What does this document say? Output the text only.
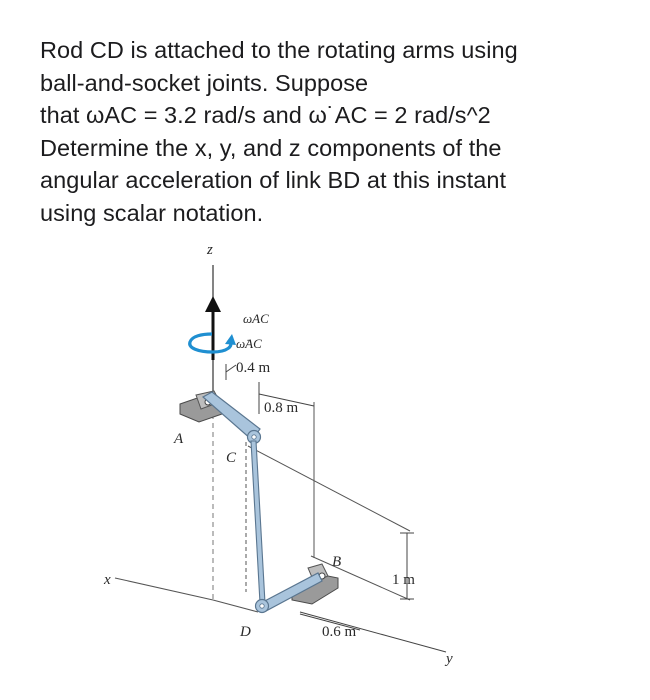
Rod CD is attached to the rotating arms using
ball-and-socket joints. Suppose
that ωAC = 3.2 rad/s and ω˙AC = 2 rad/s^2
Determine the x, y, and z components of the
angular acceleration of link BD at this instant
using scalar notation.
z
ωAC
ω̇AC
0.4 m
0.8 m
1 m
y
x
0.6 m
A
C
B
D
